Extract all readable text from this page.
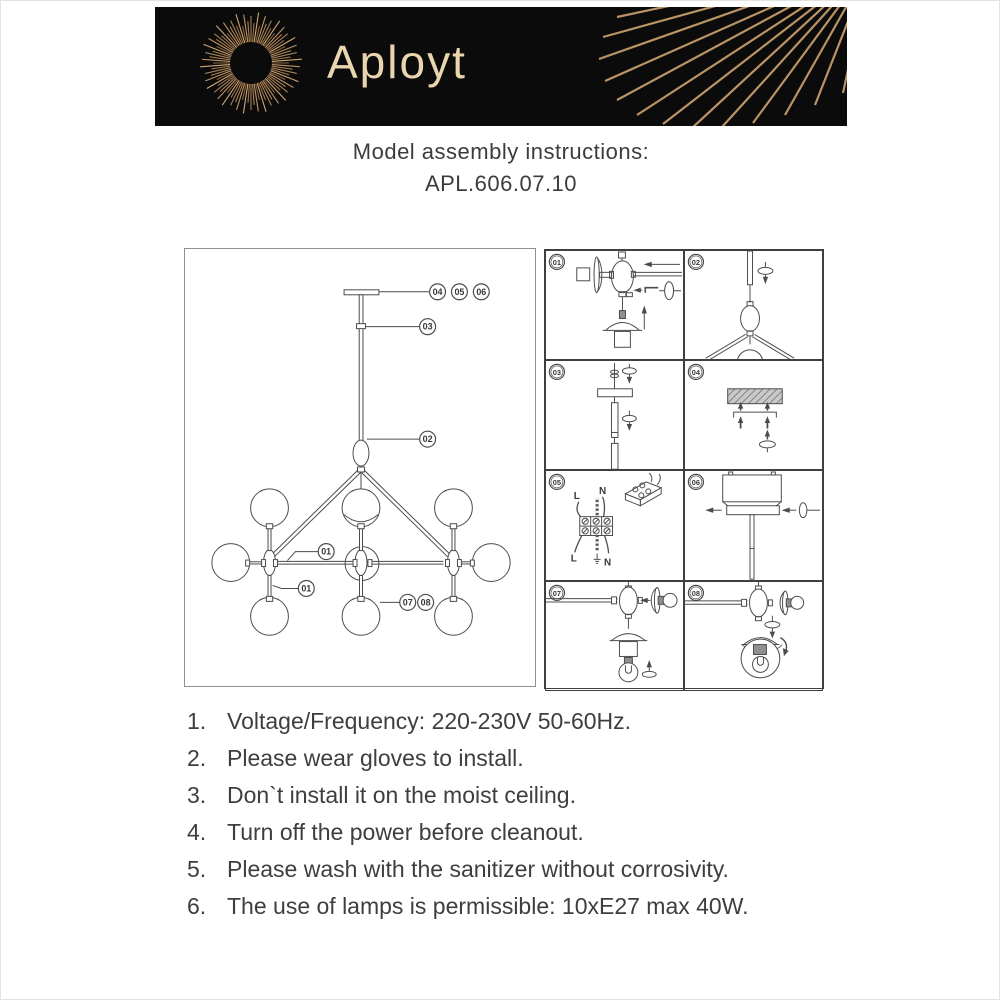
Aployt
Model assembly instructions:
APL.606.07.10
04 05 06
03
02
01
01
07 08
01	02
03	04
05
L N
L	N
06
07	08
1. Voltage/Frequency: 220-230V 50-60Hz.
2. Please wear gloves to install.
3. Don`t install it on the moist ceiling.
4. Turn off the power before cleanout.
5. Please wash with the sanitizer without corrosivity.
6. The use of lamps is permissible: 10xE27 max 40W.
